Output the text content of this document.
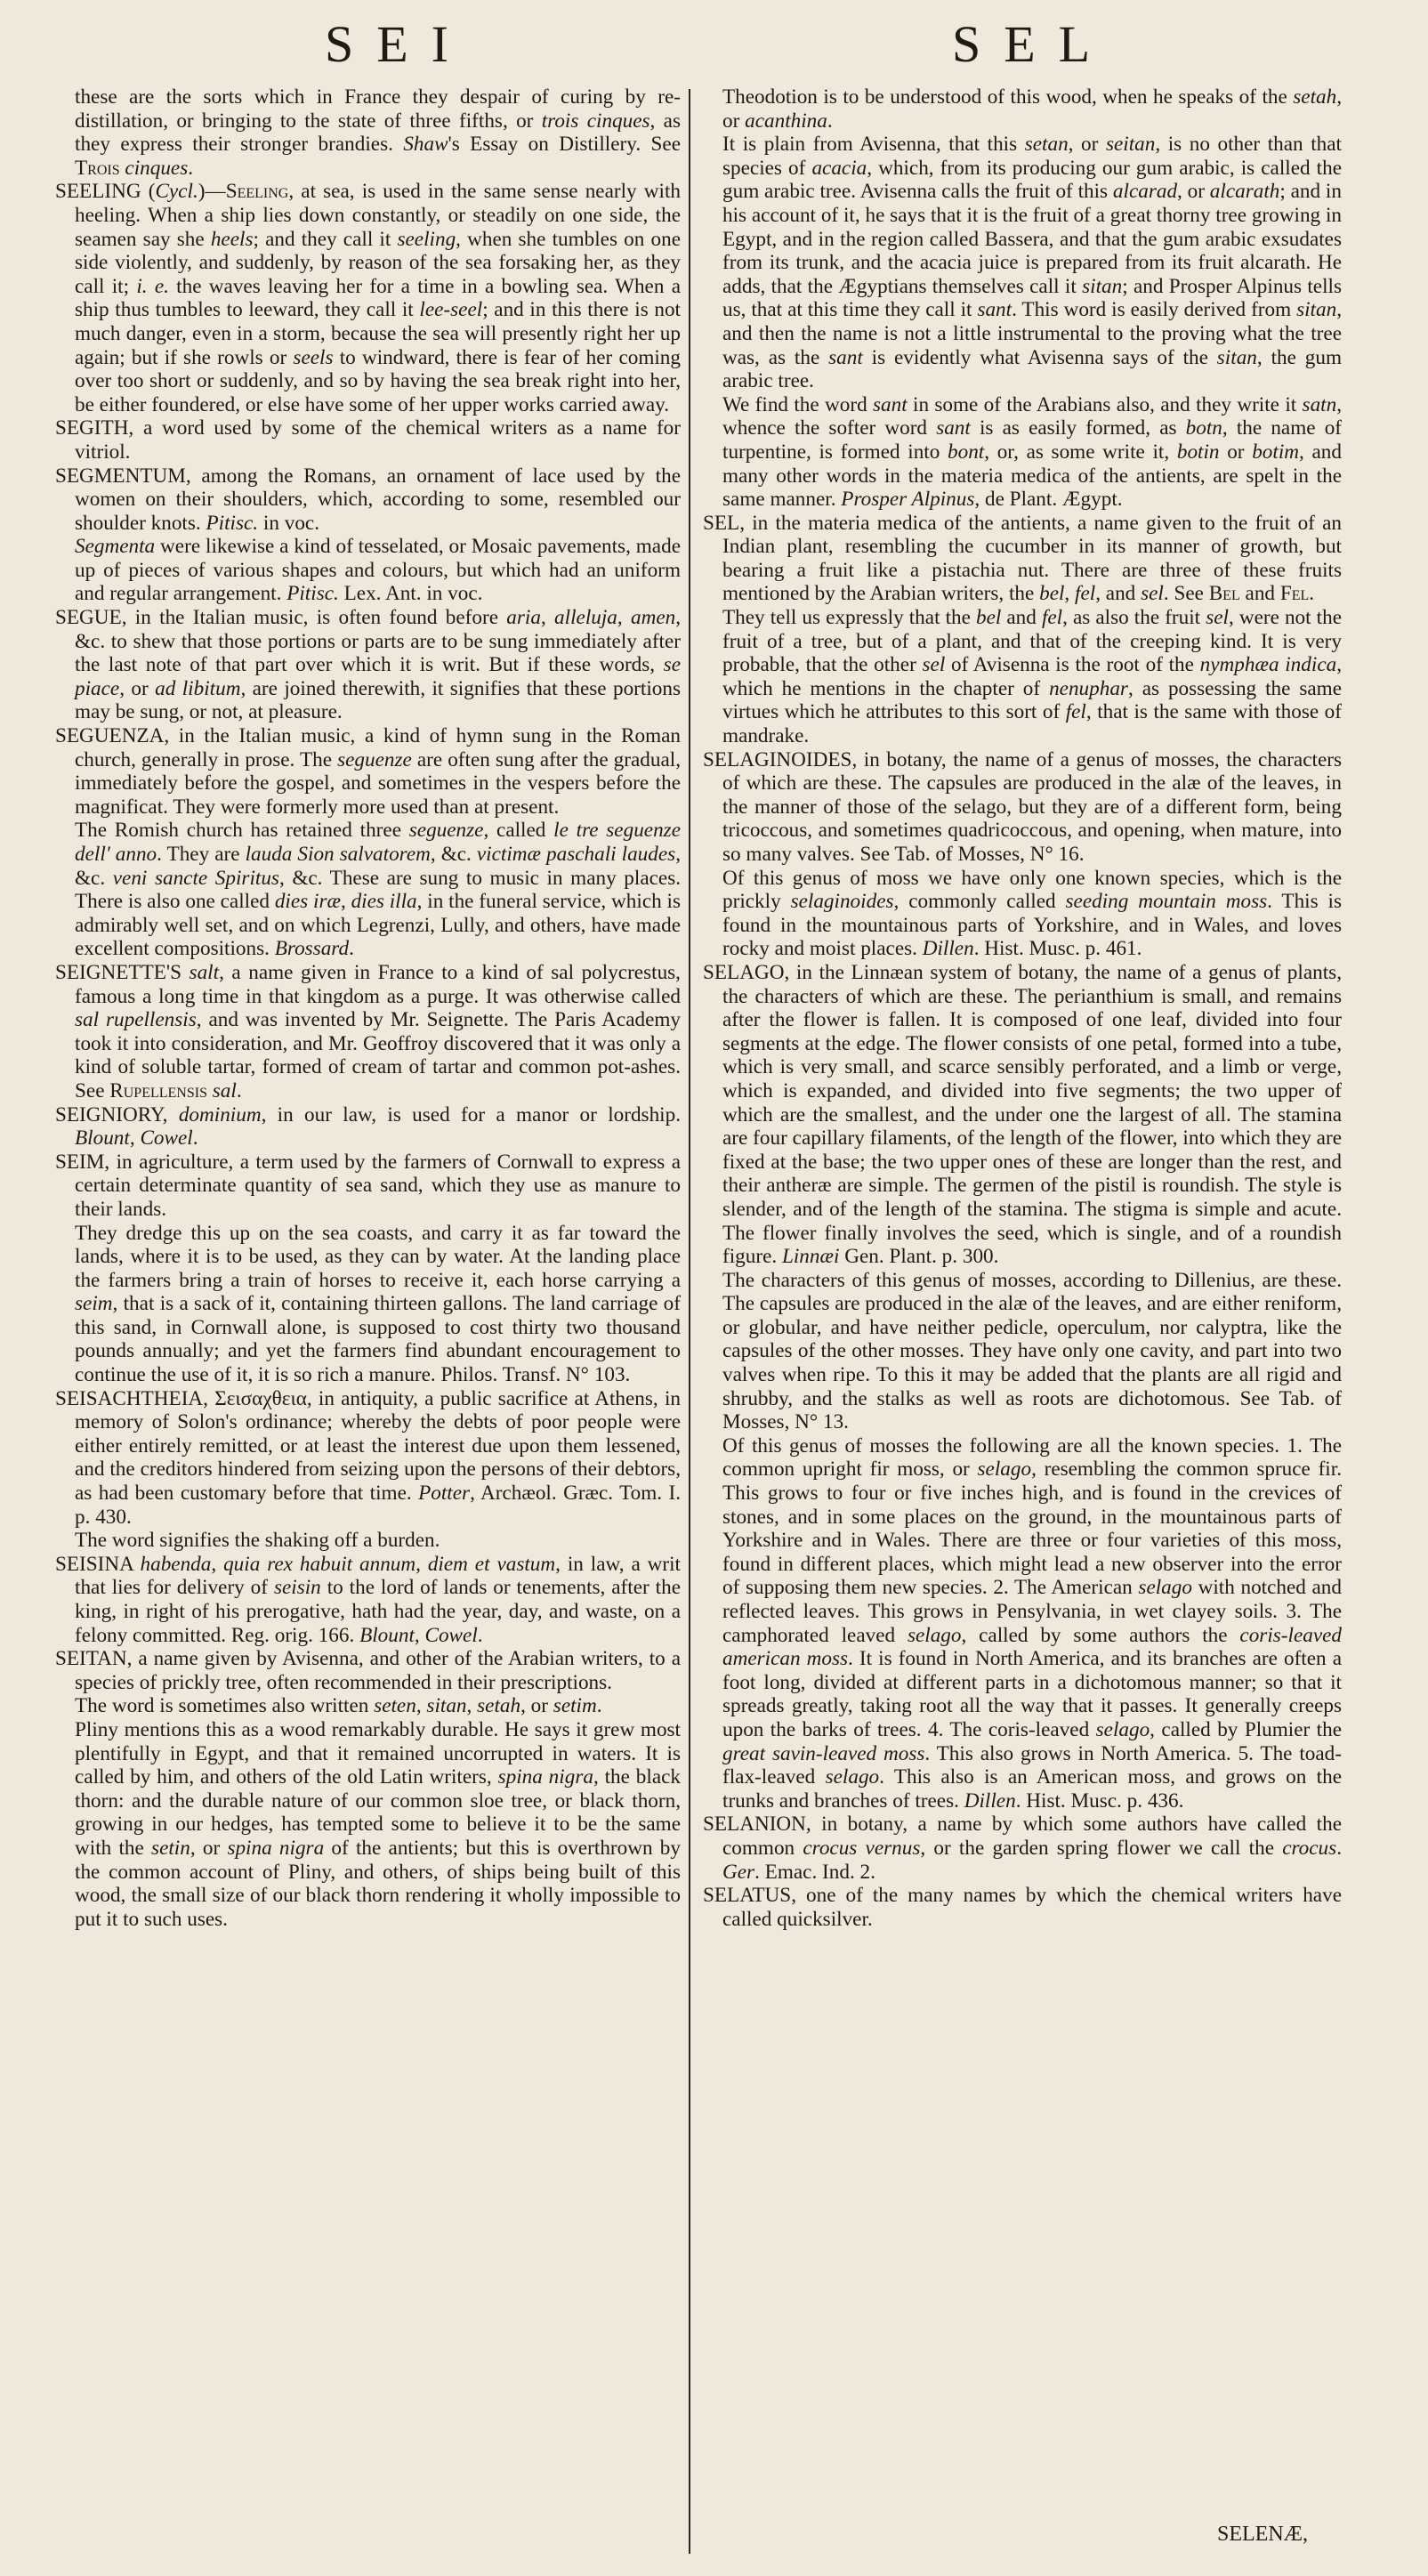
SEI	SEL

these are the sorts which in France they despair of curing by re-distillation, or bringing to the state of three fifths, or trois cinques, as they express their stronger brandies. Shaw's Essay on Distillery. See Trois cinques.

SEELING (Cycl.)—Seeling, at sea, is used in the same sense nearly with heeling. When a ship lies down constantly, or steadily on one side, the seamen say she heels; and they call it seeling, when she tumbles on one side violently, and suddenly, by reason of the sea forsaking her, as they call it; i. e. the waves leaving her for a time in a bowling sea. When a ship thus tumbles to leeward, they call it lee-seel; and in this there is not much danger, even in a storm, because the sea will presently right her up again; but if she rowls or seels to windward, there is fear of her coming over too short or suddenly, and so by having the sea break right into her, be either foundered, or else have some of her upper works carried away.

SEGITH, a word used by some of the chemical writers as a name for vitriol.

SEGMENTUM, among the Romans, an ornament of lace used by the women on their shoulders, which, according to some, resembled our shoulder knots. Pitisc. in voc.

Segmenta were likewise a kind of tesselated, or Mosaic pavements, made up of pieces of various shapes and colours, but which had an uniform and regular arrangement. Pitisc. Lex. Ant. in voc.

SEGUE, in the Italian music, is often found before aria, alleluja, amen, &c. to shew that those portions or parts are to be sung immediately after the last note of that part over which it is writ. But if these words, se piace, or ad libitum, are joined therewith, it signifies that these portions may be sung, or not, at pleasure.

SEGUENZA, in the Italian music, a kind of hymn sung in the Roman church, generally in prose. The seguenze are often sung after the gradual, immediately before the gospel, and sometimes in the vespers before the magnificat. They were formerly more used than at present.

The Romish church has retained three seguenze, called le tre seguenze dell' anno. They are lauda Sion salvatorem, &c. victimæ paschali laudes, &c. veni sancte Spiritus, &c. These are sung to music in many places. There is also one called dies iræ, dies illa, in the funeral service, which is admirably well set, and on which Legrenzi, Lully, and others, have made excellent compositions. Brossard.

SEIGNETTE'S salt, a name given in France to a kind of sal polycrestus, famous a long time in that kingdom as a purge. It was otherwise called sal rupellensis, and was invented by Mr. Seignette. The Paris Academy took it into consideration, and Mr. Geoffroy discovered that it was only a kind of soluble tartar, formed of cream of tartar and common pot-ashes. See Rupellensis sal.

SEIGNIORY, dominium, in our law, is used for a manor or lordship. Blount, Cowel.

SEIM, in agriculture, a term used by the farmers of Cornwall to express a certain determinate quantity of sea sand, which they use as manure to their lands.

They dredge this up on the sea coasts, and carry it as far toward the lands, where it is to be used, as they can by water. At the landing place the farmers bring a train of horses to receive it, each horse carrying a seim, that is a sack of it, containing thirteen gallons. The land carriage of this sand, in Cornwall alone, is supposed to cost thirty two thousand pounds annually; and yet the farmers find abundant encouragement to continue the use of it, it is so rich a manure. Philos. Transf. N° 103.

SEISACHTHEIA, Σεισαχθεια, in antiquity, a public sacrifice at Athens, in memory of Solon's ordinance; whereby the debts of poor people were either entirely remitted, or at least the interest due upon them lessened, and the creditors hindered from seizing upon the persons of their debtors, as had been customary before that time. Potter, Archæol. Græc. Tom. I. p. 430.

The word signifies the shaking off a burden.

SEISINA habenda, quia rex habuit annum, diem et vastum, in law, a writ that lies for delivery of seisin to the lord of lands or tenements, after the king, in right of his prerogative, hath had the year, day, and waste, on a felony committed. Reg. orig. 166. Blount, Cowel.

SEITAN, a name given by Avisenna, and other of the Arabian writers, to a species of prickly tree, often recommended in their prescriptions.

The word is sometimes also written seten, sitan, setah, or setim.

Pliny mentions this as a wood remarkably durable. He says it grew most plentifully in Egypt, and that it remained uncorrupted in waters. It is called by him, and others of the old Latin writers, spina nigra, the black thorn: and the durable nature of our common sloe tree, or black thorn, growing in our hedges, has tempted some to believe it to be the same with the setin, or spina nigra of the antients; but this is overthrown by the common account of Pliny, and others, of ships being built of this wood, the small size of our black thorn rendering it wholly impossible to put it to such uses.

Theodotion is to be understood of this wood, when he speaks of the setah, or acanthina.

It is plain from Avisenna, that this setan, or seitan, is no other than that species of acacia, which, from its producing our gum arabic, is called the gum arabic tree. Avisenna calls the fruit of this alcarad, or alcarath; and in his account of it, he says that it is the fruit of a great thorny tree growing in Egypt, and in the region called Bassera, and that the gum arabic exsudates from its trunk, and the acacia juice is prepared from its fruit alcarath. He adds, that the Ægyptians themselves call it sitan; and Prosper Alpinus tells us, that at this time they call it sant. This word is easily derived from sitan, and then the name is not a little instrumental to the proving what the tree was, as the sant is evidently what Avisenna says of the sitan, the gum arabic tree.

We find the word sant in some of the Arabians also, and they write it satn, whence the softer word sant is as easily formed, as botn, the name of turpentine, is formed into bont, or, as some write it, botin or botim, and many other words in the materia medica of the antients, are spelt in the same manner. Prosper Alpinus, de Plant. Ægypt.

SEL, in the materia medica of the antients, a name given to the fruit of an Indian plant, resembling the cucumber in its manner of growth, but bearing a fruit like a pistachia nut. There are three of these fruits mentioned by the Arabian writers, the bel, fel, and sel. See Bel and Fel.

They tell us expressly that the bel and fel, as also the fruit sel, were not the fruit of a tree, but of a plant, and that of the creeping kind. It is very probable, that the other sel of Avisenna is the root of the nymphæa indica, which he mentions in the chapter of nenuphar, as possessing the same virtues which he attributes to this sort of fel, that is the same with those of mandrake.

SELAGINOIDES, in botany, the name of a genus of mosses, the characters of which are these. The capsules are produced in the alæ of the leaves, in the manner of those of the selago, but they are of a different form, being tricoccous, and sometimes quadricoccous, and opening, when mature, into so many valves. See Tab. of Mosses, N° 16.

Of this genus of moss we have only one known species, which is the prickly selaginoides, commonly called seeding mountain moss. This is found in the mountainous parts of Yorkshire, and in Wales, and loves rocky and moist places. Dillen. Hist. Musc. p. 461.

SELAGO, in the Linnæan system of botany, the name of a genus of plants, the characters of which are these. The perianthium is small, and remains after the flower is fallen. It is composed of one leaf, divided into four segments at the edge. The flower consists of one petal, formed into a tube, which is very small, and scarce sensibly perforated, and a limb or verge, which is expanded, and divided into five segments; the two upper of which are the smallest, and the under one the largest of all. The stamina are four capillary filaments, of the length of the flower, into which they are fixed at the base; the two upper ones of these are longer than the rest, and their antheræ are simple. The germen of the pistil is roundish. The style is slender, and of the length of the stamina. The stigma is simple and acute. The flower finally involves the seed, which is single, and of a roundish figure. Linnæi Gen. Plant. p. 300.

The characters of this genus of mosses, according to Dillenius, are these. The capsules are produced in the alæ of the leaves, and are either reniform, or globular, and have neither pedicle, operculum, nor calyptra, like the capsules of the other mosses. They have only one cavity, and part into two valves when ripe. To this it may be added that the plants are all rigid and shrubby, and the stalks as well as roots are dichotomous. See Tab. of Mosses, N° 13.

Of this genus of mosses the following are all the known species. 1. The common upright fir moss, or selago, resembling the common spruce fir. This grows to four or five inches high, and is found in the crevices of stones, and in some places on the ground, in the mountainous parts of Yorkshire and in Wales. There are three or four varieties of this moss, found in different places, which might lead a new observer into the error of supposing them new species. 2. The American selago with notched and reflected leaves. This grows in Pensylvania, in wet clayey soils. 3. The camphorated leaved selago, called by some authors the coris-leaved american moss. It is found in North America, and its branches are often a foot long, divided at different parts in a dichotomous manner; so that it spreads greatly, taking root all the way that it passes. It generally creeps upon the barks of trees. 4. The coris-leaved selago, called by Plumier the great savin-leaved moss. This also grows in North America. 5. The toad-flax-leaved selago. This also is an American moss, and grows on the trunks and branches of trees. Dillen. Hist. Musc. p. 436.

SELANION, in botany, a name by which some authors have called the common crocus vernus, or the garden spring flower we call the crocus. Ger. Emac. Ind. 2.

SELATUS, one of the many names by which the chemical writers have called quicksilver.

SELENÆ,
